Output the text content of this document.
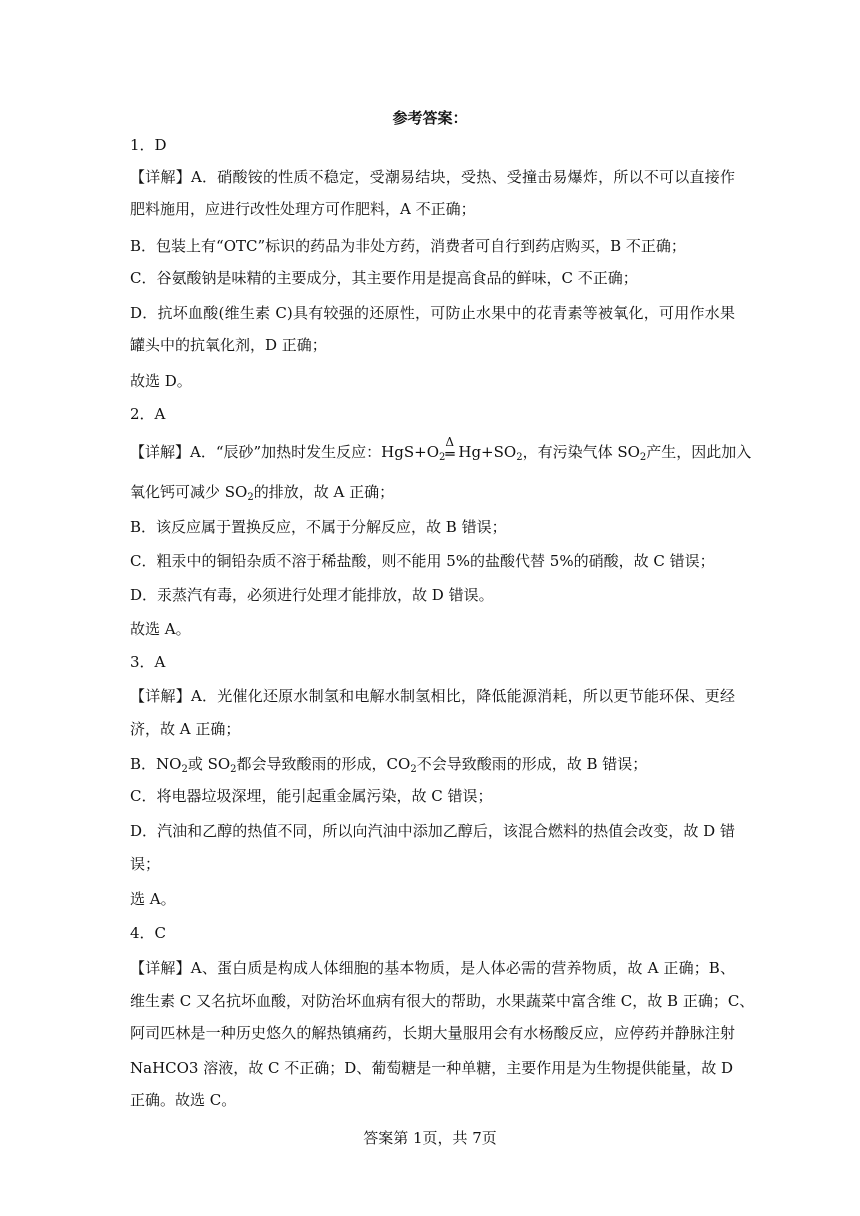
参考答案：
1．D
【详解】A．硝酸铵的性质不稳定，受潮易结块，受热、受撞击易爆炸，所以不可以直接作
肥料施用，应进行改性处理方可作肥料，A 不正确；
B．包装上有“OTC”标识的药品为非处方药，消费者可自行到药店购买，B 不正确；
C．谷氨酸钠是味精的主要成分，其主要作用是提高食品的鲜味，C 不正确；
D．抗坏血酸(维生素 C)具有较强的还原性，可防止水果中的花青素等被氧化，可用作水果
罐头中的抗氧化剂，D 正确；
故选 D。
2．A
【详解】A．“辰砂”加热时发生反应：$HgS+O_2$
Δ
═ $Hg+SO_2$，有污染气体 $SO_2$产生，因此加入
氧化钙可减少 $SO_2$的排放，故 A 正确；
B．该反应属于置换反应，不属于分解反应，故 B 错误；
C．粗汞中的铜铅杂质不溶于稀盐酸，则不能用 5%的盐酸代替 5%的硝酸，故 C 错误；
D．汞蒸汽有毒，必须进行处理才能排放，故 D 错误。
故选 A。
3．A
【详解】A．光催化还原水制氢和电解水制氢相比，降低能源消耗，所以更节能环保、更经
济，故 A 正确；
B．$NO_2$或 $SO_2$都会导致酸雨的形成，$CO_2$不会导致酸雨的形成，故 B 错误；
C．将电器垃圾深埋，能引起重金属污染，故 C 错误；
D．汽油和乙醇的热值不同，所以向汽油中添加乙醇后，该混合燃料的热值会改变，故 D 错
误；
选 A。
4．C
【详解】A、蛋白质是构成人体细胞的基本物质，是人体必需的营养物质，故 A 正确；B、
维生素 C 又名抗坏血酸，对防治坏血病有很大的帮助，水果蔬菜中富含维 C，故 B 正确；C、
阿司匹林是一种历史悠久的解热镇痛药，长期大量服用会有水杨酸反应，应停药并静脉注射
NaHCO3 溶液，故 C 不正确；D、葡萄糖是一种单糖，主要作用是为生物提供能量，故 D
正确。故选 C。
答案第 1页，共 7页
